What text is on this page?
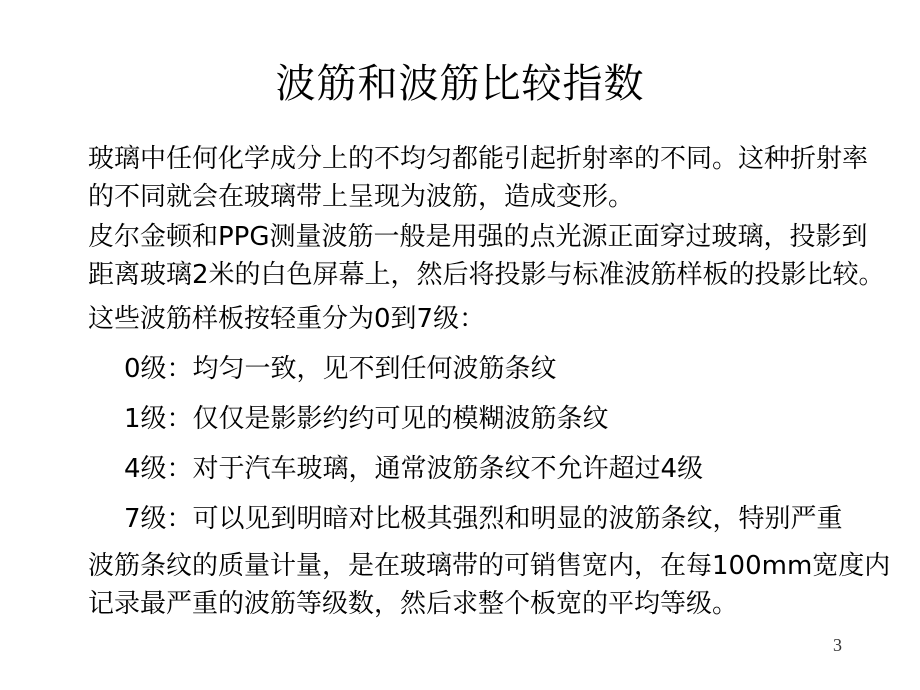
波筋和波筋比较指数
玻璃中任何化学成分上的不均匀都能引起折射率的不同。这种折射率
的不同就会在玻璃带上呈现为波筋，造成变形。
皮尔金顿和PPG测量波筋一般是用强的点光源正面穿过玻璃，投影到
距离玻璃2米的白色屏幕上，然后将投影与标准波筋样板的投影比较。
这些波筋样板按轻重分为0到7级：
0级：均匀一致，见不到任何波筋条纹
1级：仅仅是影影约约可见的模糊波筋条纹
4级：对于汽车玻璃，通常波筋条纹不允许超过4级
7级：可以见到明暗对比极其强烈和明显的波筋条纹，特别严重
波筋条纹的质量计量，是在玻璃带的可销售宽内，在每100mm宽度内
记录最严重的波筋等级数，然后求整个板宽的平均等级。
3
